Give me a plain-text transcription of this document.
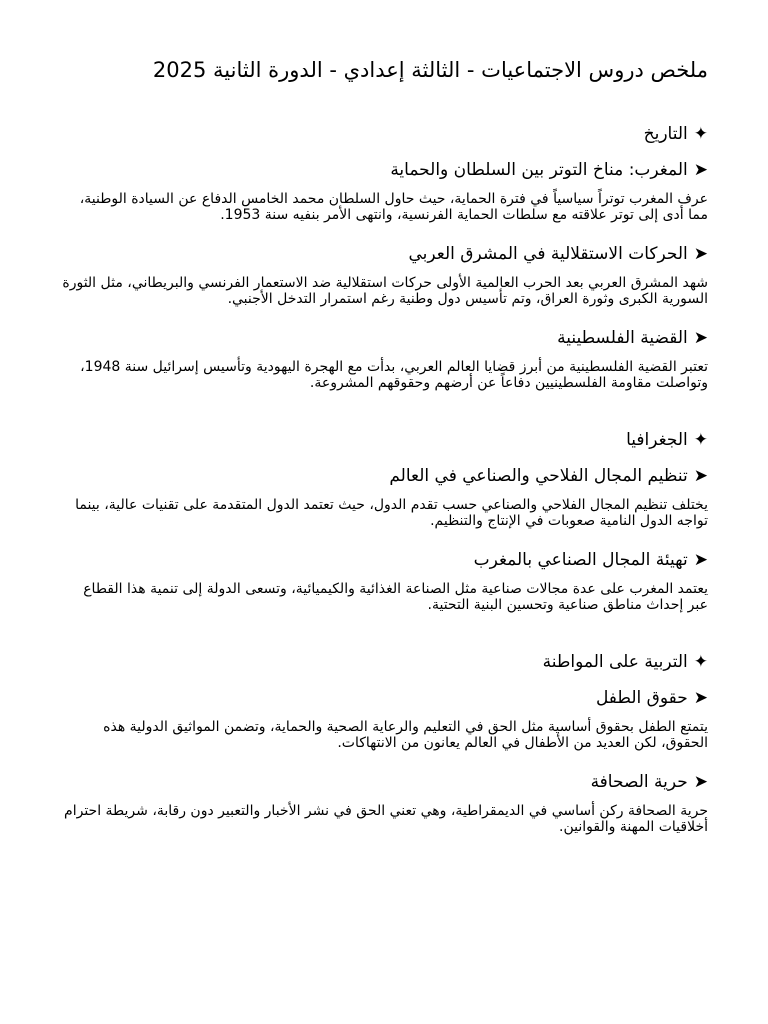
ملخص دروس الاجتماعيات - الثالثة إعدادي - الدورة الثانية 2025
✦التاريخ
➤المغرب: مناخ التوتر بين السلطان والحماية

عرف المغرب توتراً سياسياً في فترة الحماية، حيث حاول السلطان محمد الخامس الدفاع عن السيادة الوطنية، مما أدى إلى توتر علاقته مع سلطات الحماية الفرنسية، وانتهى الأمر بنفيه سنة 1953.

➤الحركات الاستقلالية في المشرق العربي

شهد المشرق العربي بعد الحرب العالمية الأولى حركات استقلالية ضد الاستعمار الفرنسي والبريطاني، مثل الثورة السورية الكبرى وثورة العراق، وتم تأسيس دول وطنية رغم استمرار التدخل الأجنبي.

➤القضية الفلسطينية

تعتبر القضية الفلسطينية من أبرز قضايا العالم العربي، بدأت مع الهجرة اليهودية وتأسيس إسرائيل سنة 1948، وتواصلت مقاومة الفلسطينيين دفاعاً عن أرضهم وحقوقهم المشروعة.

✦الجغرافيا
➤تنظيم المجال الفلاحي والصناعي في العالم

يختلف تنظيم المجال الفلاحي والصناعي حسب تقدم الدول، حيث تعتمد الدول المتقدمة على تقنيات عالية، بينما تواجه الدول النامية صعوبات في الإنتاج والتنظيم.

➤تهيئة المجال الصناعي بالمغرب

يعتمد المغرب على عدة مجالات صناعية مثل الصناعة الغذائية والكيميائية، وتسعى الدولة إلى تنمية هذا القطاع عبر إحداث مناطق صناعية وتحسين البنية التحتية.

✦التربية على المواطنة
➤حقوق الطفل

يتمتع الطفل بحقوق أساسية مثل الحق في التعليم والرعاية الصحية والحماية، وتضمن المواثيق الدولية هذه الحقوق، لكن العديد من الأطفال في العالم يعانون من الانتهاكات.

➤حرية الصحافة

حرية الصحافة ركن أساسي في الديمقراطية، وهي تعني الحق في نشر الأخبار والتعبير دون رقابة، شريطة احترام أخلاقيات المهنة والقوانين.
